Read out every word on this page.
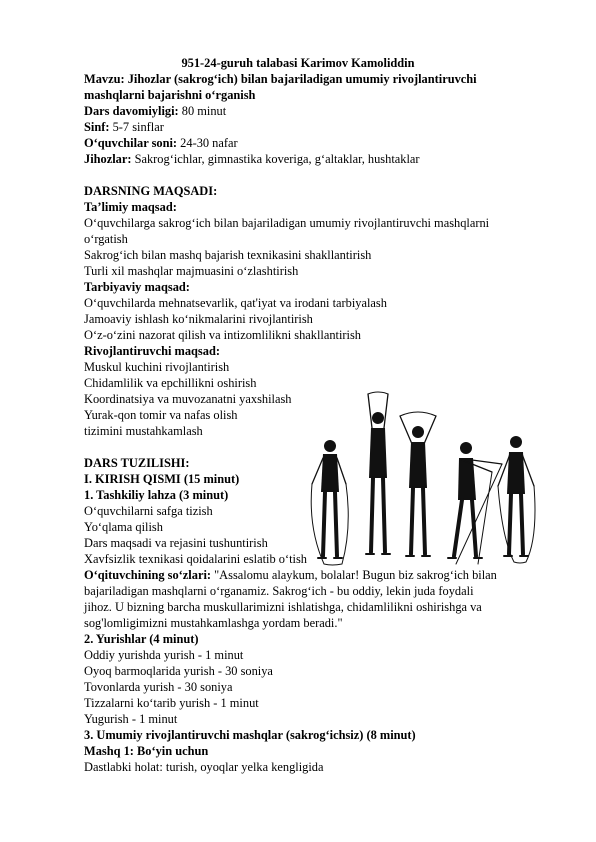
951-24-guruh talabasi Karimov Kamoliddin
Mavzu: Jihozlar (sakrog‘ich) bilan bajariladigan umumiy rivojlantiruvchi
mashqlarni bajarishni o‘rganish
Dars davomiyligi: 80 minut
Sinf: 5-7 sinflar
O‘quvchilar soni: 24-30 nafar
Jihozlar: Sakrog‘ichlar, gimnastika koveriga, g‘altaklar, hushtaklar
DARSNING MAQSADI:
Ta’limiy maqsad:
O‘quvchilarga sakrog‘ich bilan bajariladigan umumiy rivojlantiruvchi mashqlarni
o‘rgatish
Sakrog‘ich bilan mashq bajarish texnikasini shakllantirish
Turli xil mashqlar majmuasini o‘zlashtirish
Tarbiyaviy maqsad:
O‘quvchilarda mehnatsevarlik, qat'iyat va irodani tarbiyalash
Jamoaviy ishlash ko‘nikmalarini rivojlantirish
O‘z-o‘zini nazorat qilish va intizomlilikni shakllantirish
Rivojlantiruvchi maqsad:
Muskul kuchini rivojlantirish
Chidamlilik va epchillikni oshirish
Koordinatsiya va muvozanatni yaxshilash
Yurak-qon tomir va nafas olish
tizimini mustahkamlash
DARS TUZILISHI:
I. KIRISH QISMI (15 minut)
1. Tashkiliy lahza (3 minut)
O‘quvchilarni safga tizish
Yo‘qlama qilish
Dars maqsadi va rejasini tushuntirish
Xavfsizlik texnikasi qoidalarini eslatib o‘tish
O‘qituvchining so‘zlari: "Assalomu alaykum, bolalar! Bugun biz sakrog‘ich bilan
bajariladigan mashqlarni o‘rganamiz. Sakrog‘ich - bu oddiy, lekin juda foydali
jihoz. U bizning barcha muskullarimizni ishlatishga, chidamlilikni oshirishga va
sog'lomligimizni mustahkamlashga yordam beradi."
2. Yurishlar (4 minut)
Oddiy yurishda yurish - 1 minut
Oyoq barmoqlarida yurish - 30 soniya
Tovonlarda yurish - 30 soniya
Tizzalarni ko‘tarib yurish - 1 minut
Yugurish - 1 minut
3. Umumiy rivojlantiruvchi mashqlar (sakrog‘ichsiz) (8 minut)
Mashq 1: Bo‘yin uchun
Dastlabki holat: turish, oyoqlar yelka kengligida
